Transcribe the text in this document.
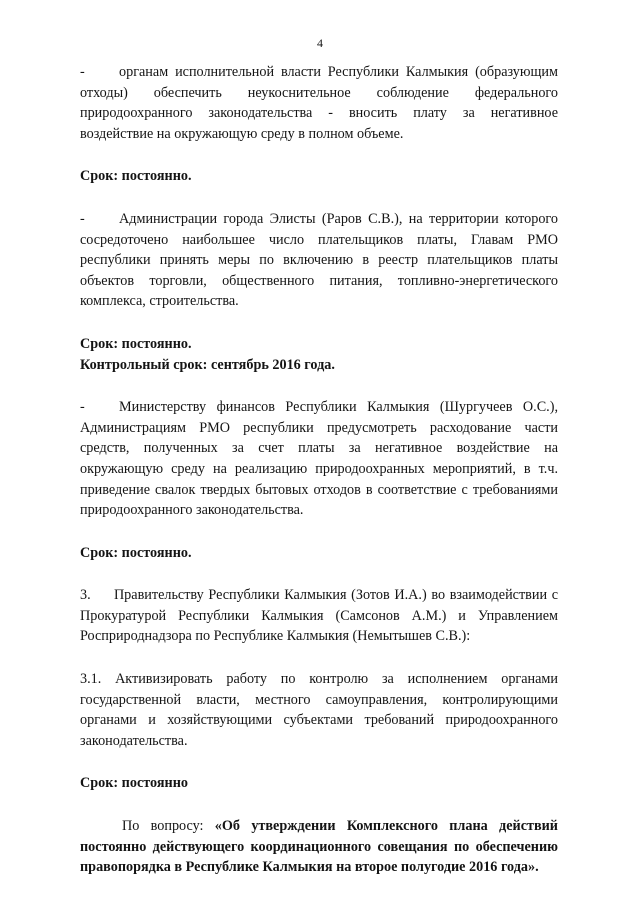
4

- органам исполнительной власти Республики Калмыкия (образующим отходы) обеспечить неукоснительное соблюдение федерального природоохранного законодательства - вносить плату за негативное воздействие на окружающую среду в полном объеме.

Срок: постоянно.

- Администрации города Элисты (Раров С.В.), на территории которого сосредоточено наибольшее число плательщиков платы, Главам РМО республики принять меры по включению в реестр плательщиков платы объектов торговли, общественного питания, топливно-энергетического комплекса, строительства.

Срок: постоянно.

Контрольный срок: сентябрь 2016 года.

- Министерству финансов Республики Калмыкия (Шургучеев О.С.), Администрациям РМО республики предусмотреть расходование части средств, полученных за счет платы за негативное воздействие на окружающую среду на реализацию природоохранных мероприятий, в т.ч. приведение свалок твердых бытовых отходов в соответствие с требованиями природоохранного законодательства.

Срок: постоянно.

3. Правительству Республики Калмыкия (Зотов И.А.) во взаимодействии с Прокуратурой Республики Калмыкия (Самсонов А.М.) и Управлением Росприроднадзора по Республике Калмыкия (Немытышев С.В.):

3.1. Активизировать работу по контролю за исполнением органами государственной власти, местного самоуправления, контролирующими органами и хозяйствующими субъектами требований природоохранного законодательства.

Срок: постоянно

По вопросу: «Об утверждении Комплексного плана действий постоянно действующего координационного совещания по обеспечению правопорядка в Республике Калмыкия на второе полугодие 2016 года».
